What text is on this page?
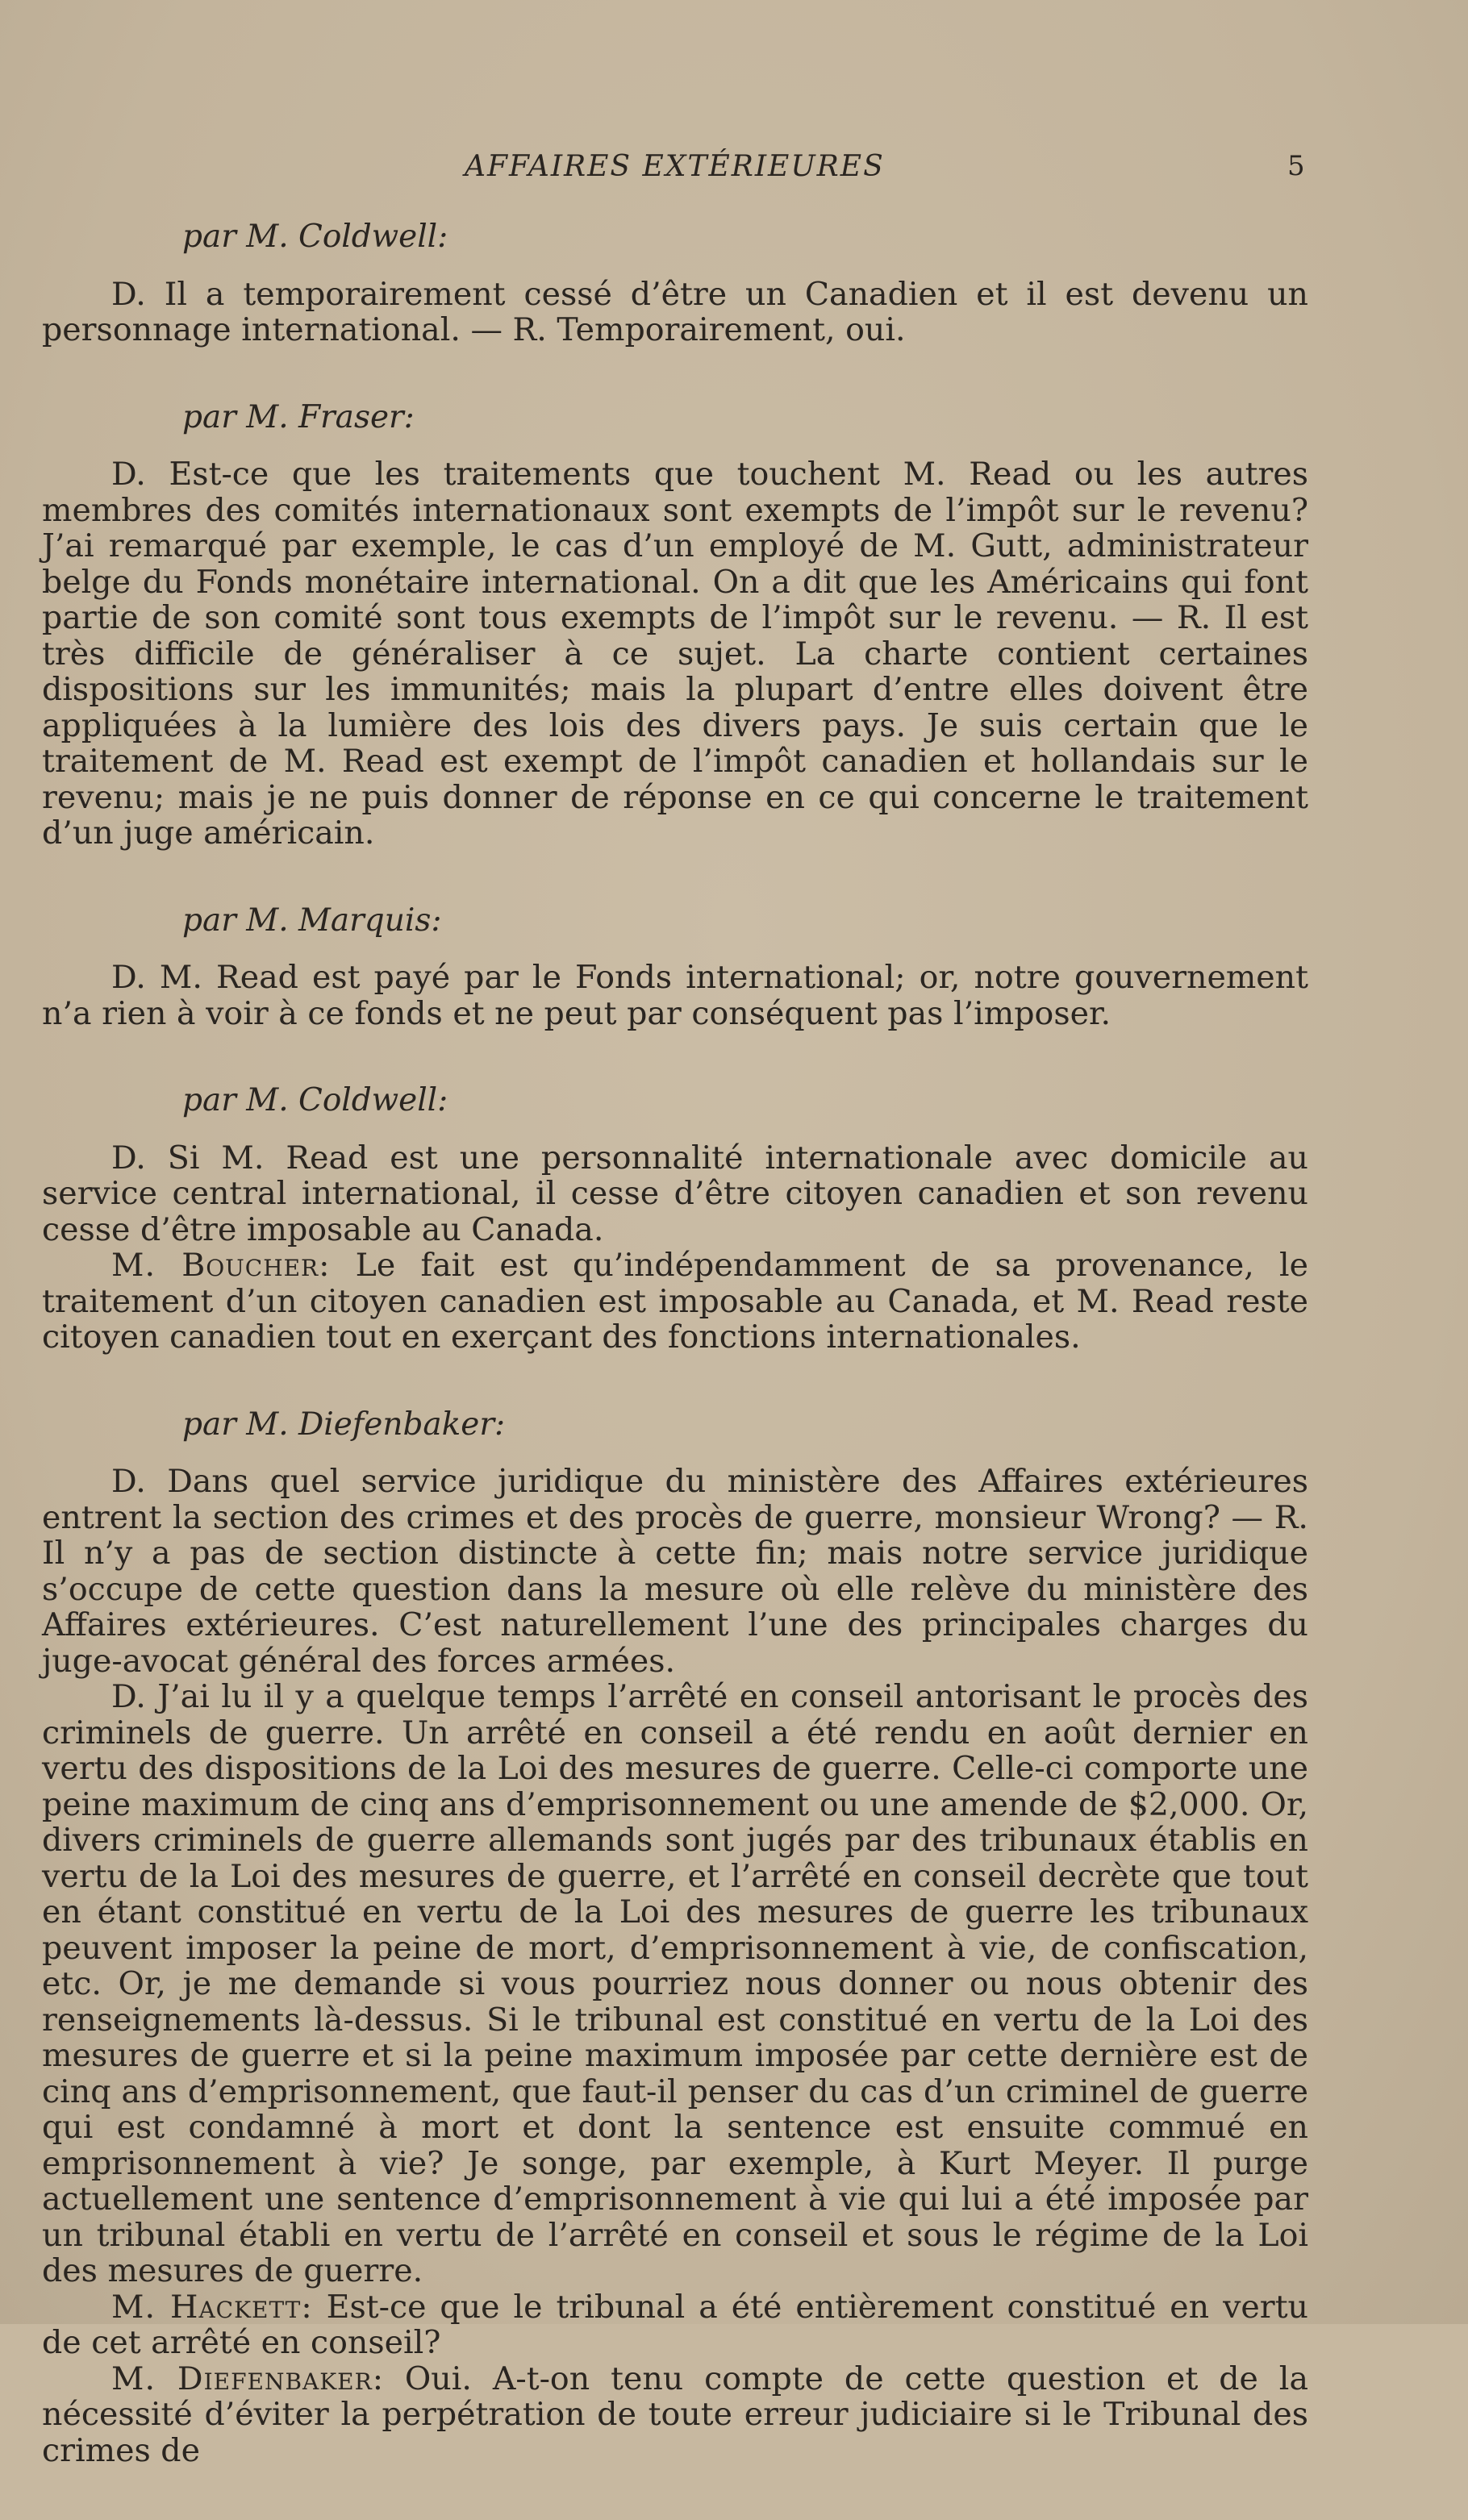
AFFAIRES EXTÉRIEURES	5
par M. Coldwell:

D. Il a temporairement cessé d’être un Canadien et il est devenu un personnage international. — R. Temporairement, oui.

par M. Fraser:

D. Est-ce que les traitements que touchent M. Read ou les autres membres des comités internationaux sont exempts de l’impôt sur le revenu? J’ai remarqué par exemple, le cas d’un employé de M. Gutt, administrateur belge du Fonds monétaire international. On a dit que les Américains qui font partie de son comité sont tous exempts de l’impôt sur le revenu. — R. Il est très difficile de généraliser à ce sujet. La charte contient certaines dispositions sur les immunités; mais la plupart d’entre elles doivent être appliquées à la lumière des lois des divers pays. Je suis certain que le traitement de M. Read est exempt de l’impôt canadien et hollandais sur le revenu; mais je ne puis donner de réponse en ce qui concerne le traitement d’un juge américain.

par M. Marquis:

D. M. Read est payé par le Fonds international; or, notre gouvernement n’a rien à voir à ce fonds et ne peut par conséquent pas l’imposer.

par M. Coldwell:

D. Si M. Read est une personnalité internationale avec domicile au service central international, il cesse d’être citoyen canadien et son revenu cesse d’être imposable au Canada.

M. Boucher: Le fait est qu’indépendamment de sa provenance, le traitement d’un citoyen canadien est imposable au Canada, et M. Read reste citoyen canadien tout en exerçant des fonctions internationales.

par M. Diefenbaker:

D. Dans quel service juridique du ministère des Affaires extérieures entrent la section des crimes et des procès de guerre, monsieur Wrong? — R. Il n’y a pas de section distincte à cette fin; mais notre service juridique s’occupe de cette question dans la mesure où elle relève du ministère des Affaires extérieures. C’est naturellement l’une des principales charges du juge-avocat général des forces armées.

D. J’ai lu il y a quelque temps l’arrêté en conseil antorisant le procès des criminels de guerre. Un arrêté en conseil a été rendu en août dernier en vertu des dispositions de la Loi des mesures de guerre. Celle-ci comporte une peine maximum de cinq ans d’emprisonnement ou une amende de $2,000. Or, divers criminels de guerre allemands sont jugés par des tribunaux établis en vertu de la Loi des mesures de guerre, et l’arrêté en conseil decrète que tout en étant constitué en vertu de la Loi des mesures de guerre les tribunaux peuvent imposer la peine de mort, d’emprisonnement à vie, de confiscation, etc. Or, je me demande si vous pourriez nous donner ou nous obtenir des renseignements là-dessus. Si le tribunal est constitué en vertu de la Loi des mesures de guerre et si la peine maximum imposée par cette dernière est de cinq ans d’emprisonnement, que faut-il penser du cas d’un criminel de guerre qui est condamné à mort et dont la sentence est ensuite commué en emprisonnement à vie? Je songe, par exemple, à Kurt Meyer. Il purge actuellement une sentence d’emprisonnement à vie qui lui a été imposée par un tribunal établi en vertu de l’arrêté en conseil et sous le régime de la Loi des mesures de guerre.

M. Hackett: Est-ce que le tribunal a été entièrement constitué en vertu de cet arrêté en conseil?

M. Diefenbaker: Oui. A-t-on tenu compte de cette question et de la nécessité d’éviter la perpétration de toute erreur judiciaire si le Tribunal des crimes de
